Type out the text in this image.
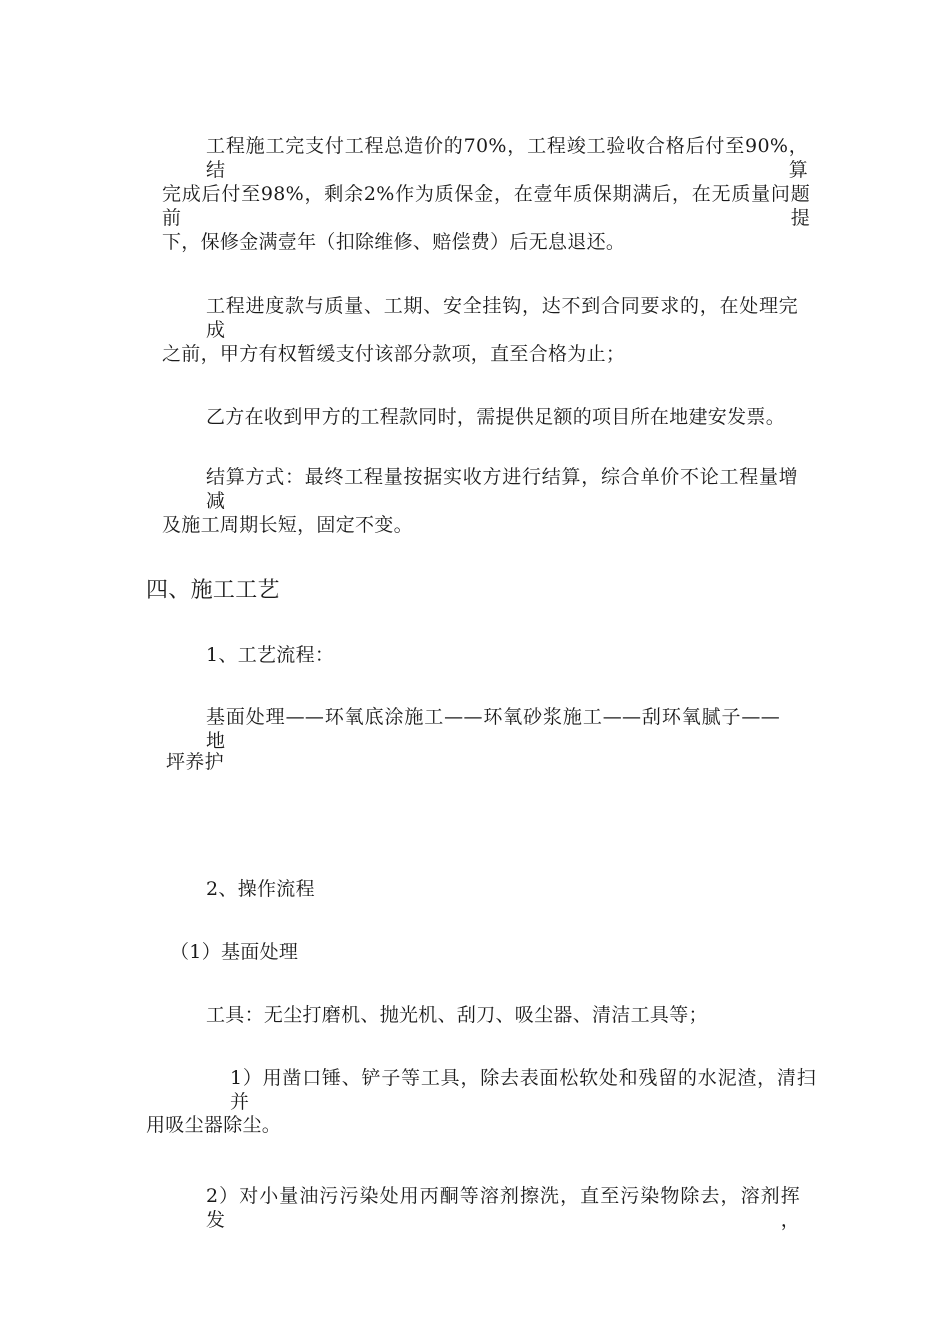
工程施工完支付工程总造价的70%，工程竣工验收合格后付至90%，结算
完成后付至98%，剩余2%作为质保金，在壹年质保期满后，在无质量问题前提
下，保修金满壹年（扣除维修、赔偿费）后无息退还。
工程进度款与质量、工期、安全挂钩，达不到合同要求的，在处理完成
之前，甲方有权暂缓支付该部分款项，直至合格为止；
乙方在收到甲方的工程款同时，需提供足额的项目所在地建安发票。
结算方式：最终工程量按据实收方进行结算，综合单价不论工程量增减
及施工周期长短，固定不变。
四、施工工艺
1、工艺流程：
基面处理——环氧底涂施工——环氧砂浆施工——刮环氧腻子——地
坪养护
2、操作流程
（1）基面处理
工具：无尘打磨机、抛光机、刮刀、吸尘器、清洁工具等；
1）用凿口锤、铲子等工具，除去表面松软处和残留的水泥渣，清扫并
用吸尘器除尘。
2）对小量油污污染处用丙酮等溶剂擦洗，直至污染物除去，溶剂挥发，
